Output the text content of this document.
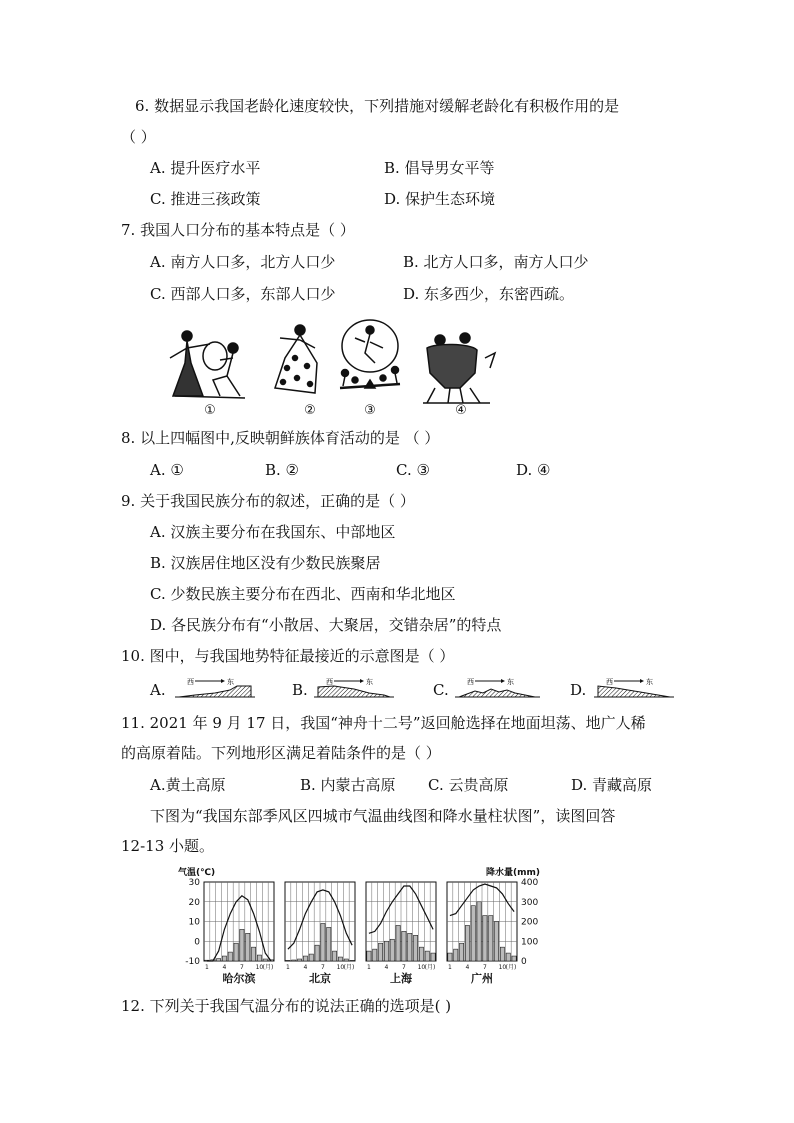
6. 数据显示我国老龄化速度较快，下列措施对缓解老龄化有积极作用的是
（ ）
A. 提升医疗水平	B. 倡导男女平等
C. 推进三孩政策	D. 保护生态环境
7. 我国人口分布的基本特点是（ ）
A. 南方人口多，北方人口少	B. 北方人口多，南方人口少
C. 西部人口多，东部人口少	D. 东多西少，东密西疏。
①	②	③	④
8. 以上四幅图中,反映朝鲜族体育活动的是 （ ）
A. ①	B. ②	C. ③	D. ④
9. 关于我国民族分布的叙述，正确的是（ ）
A. 汉族主要分布在我国东、中部地区
B. 汉族居住地区没有少数民族聚居
C. 少数民族主要分布在西北、西南和华北地区
D. 各民族分布有“小散居、大聚居，交错杂居”的特点
10. 图中，与我国地势特征最接近的示意图是（ ）
A.	B.	C.	D.
西	东	西	东	西	东	西	东
11. 2021 年 9 月 17 日，我国“神舟十二号”返回舱选择在地面坦荡、地广人稀
的高原着陆。下列地形区满足着陆条件的是（ ）
A.黄土高原	B. 内蒙古高原 C. 云贵高原	D. 青藏高原
下图为“我国东部季风区四城市气温曲线图和降水量柱状图”，读图回答
12-13 小题。
气温(℃)	降水量(mm)
30
20
10
0
-10
400
300
200
100
0
1 4 7 10 (月)
哈尔滨
1 4 7 10 (月)
北京
1 4 7 10 (月)
上海
1 4 7 10 (月)
广州
12. 下列关于我国气温分布的说法正确的选项是( )
